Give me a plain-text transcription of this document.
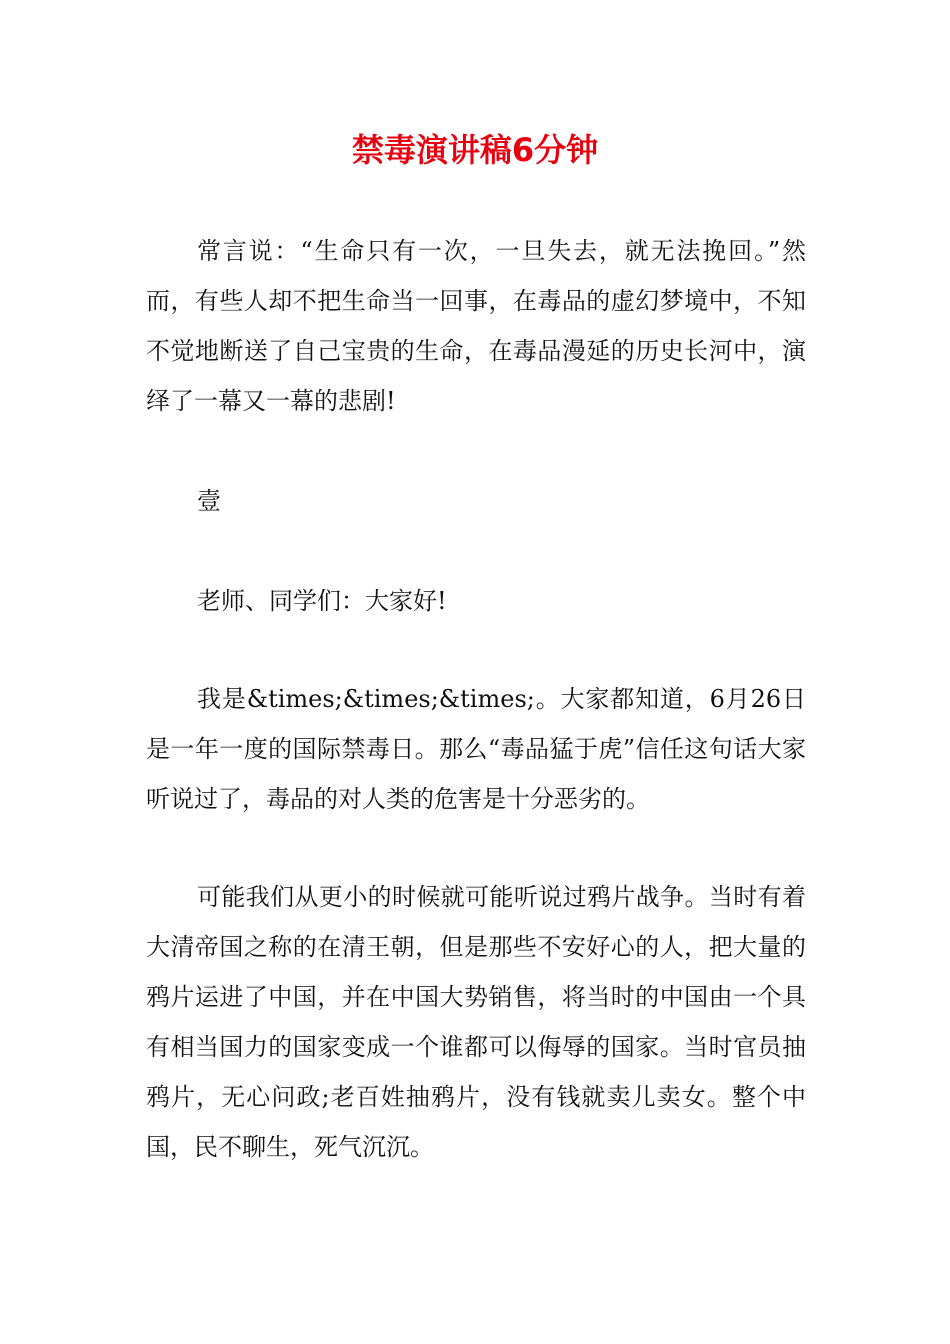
禁毒演讲稿6分钟

常言说：“生命只有一次，一旦失去，就无法挽回。”然而，有些人却不把生命当一回事，在毒品的虚幻梦境中，不知不觉地断送了自己宝贵的生命，在毒品漫延的历史长河中，演绎了一幕又一幕的悲剧!

壹

老师、同学们：大家好!

我是&times;&times;&times;。大家都知道，6月26日是一年一度的国际禁毒日。那么“毒品猛于虎”信任这句话大家听说过了，毒品的对人类的危害是十分恶劣的。

可能我们从更小的时候就可能听说过鸦片战争。当时有着大清帝国之称的在清王朝，但是那些不安好心的人，把大量的鸦片运进了中国，并在中国大势销售，将当时的中国由一个具有相当国力的国家变成一个谁都可以侮辱的国家。当时官员抽鸦片，无心问政;老百姓抽鸦片，没有钱就卖儿卖女。整个中国，民不聊生，死气沉沉。
